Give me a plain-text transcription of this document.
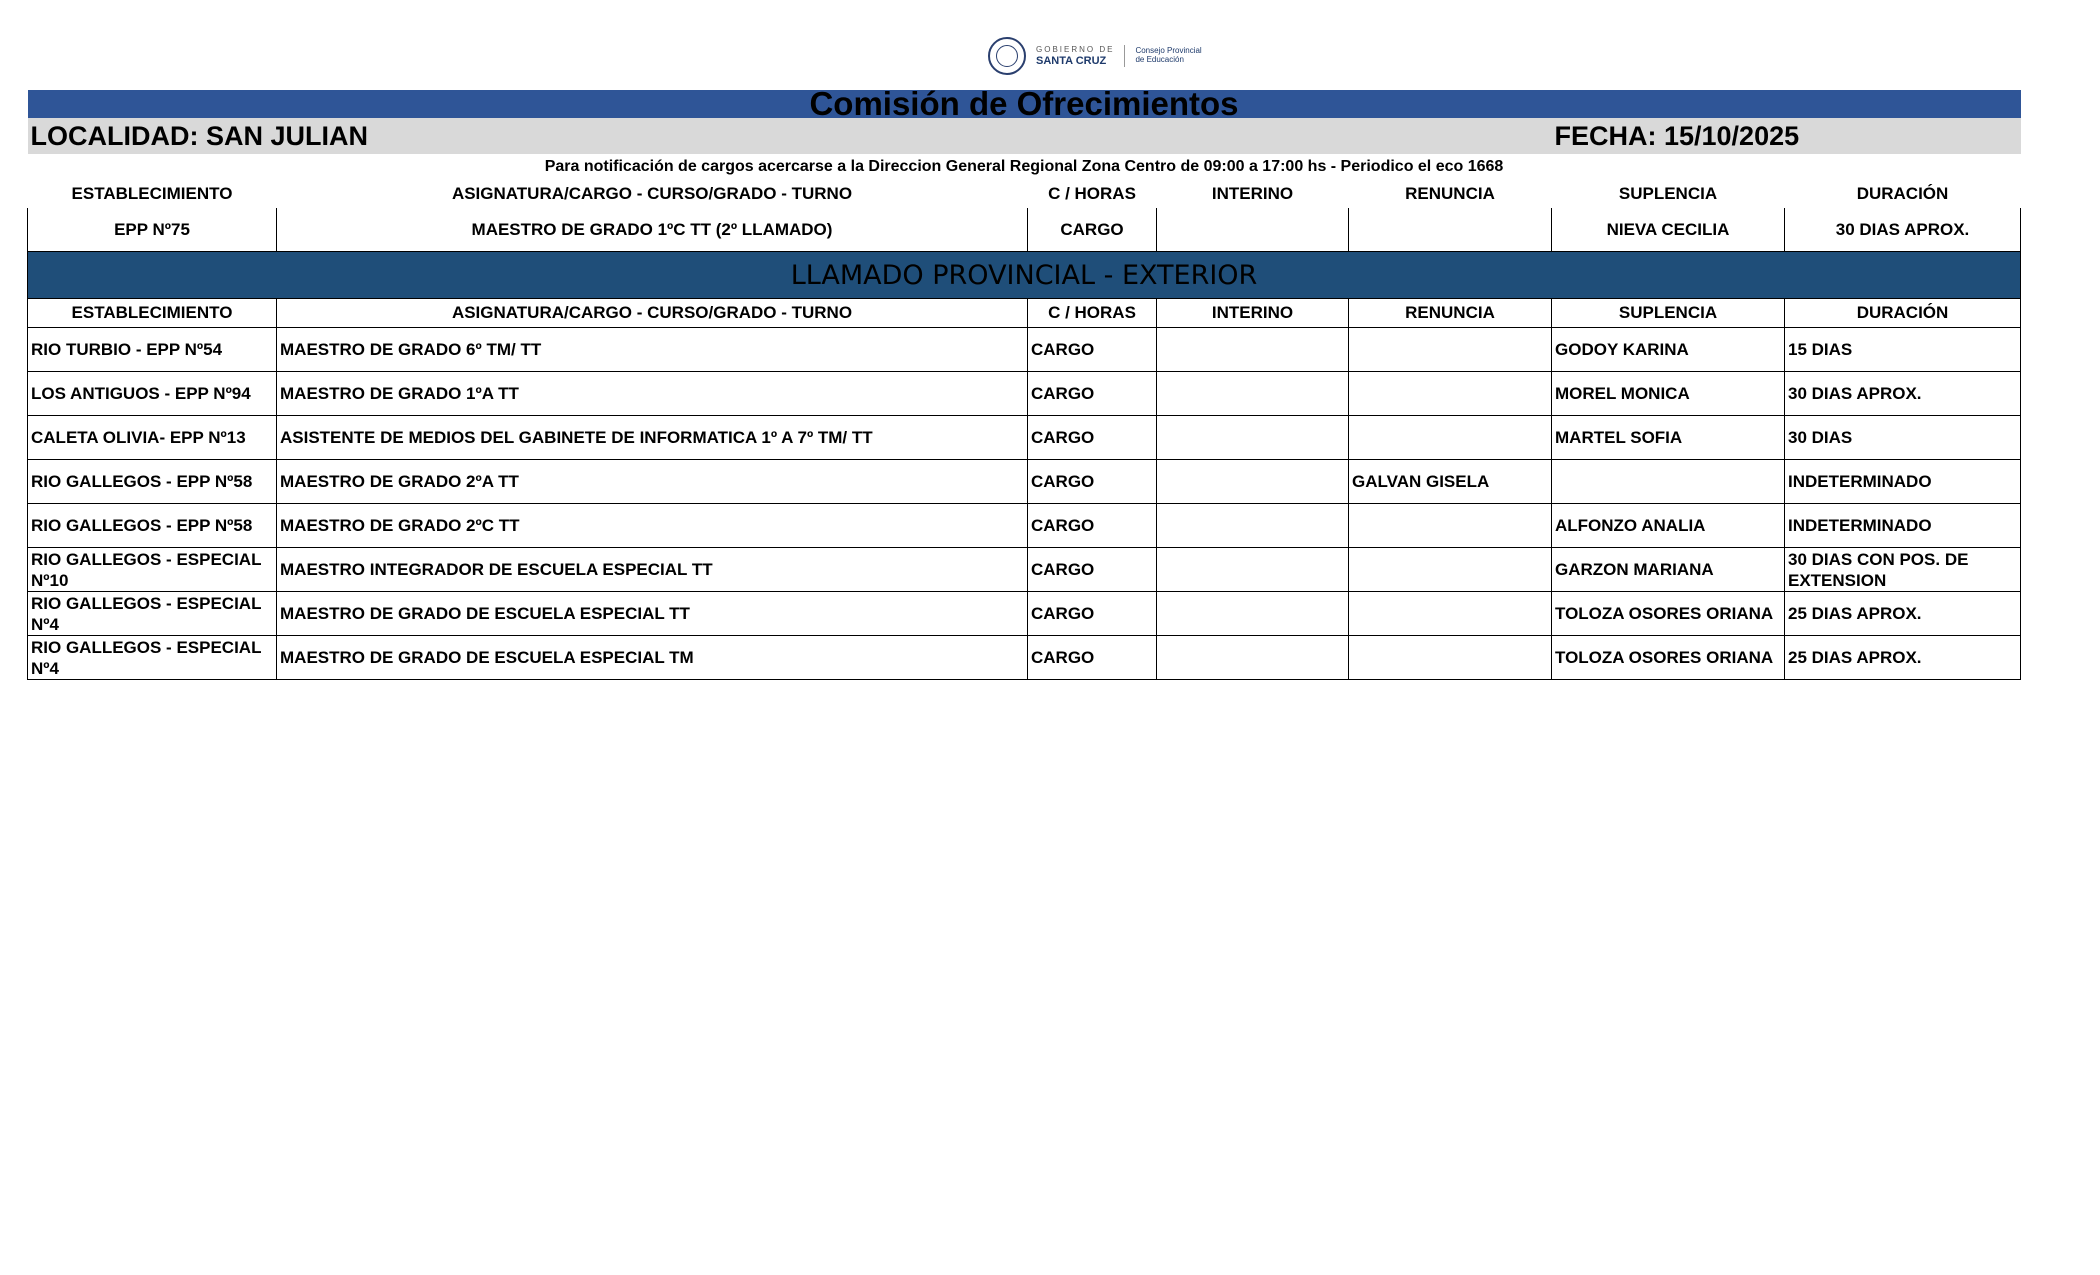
GOBIERNO DE
SANTA CRUZ
Consejo Provincial
de Educación
Comisión de Ofrecimientos						
LOCALIDAD: SAN JULIAN					FECHA: 15/10/2025	
Para notificación de cargos acercarse a la Direccion General Regional Zona Centro de 09:00 a 17:00 hs - Periodico el eco 1668						
ESTABLECIMIENTO	ASIGNATURA/CARGO - CURSO/GRADO - TURNO	C / HORAS	INTERINO	RENUNCIA	SUPLENCIA	DURACIÓN
EPP Nº75	MAESTRO DE GRADO 1ºC TT (2º LLAMADO)	CARGO			NIEVA CECILIA	30 DIAS APROX.
LLAMADO PROVINCIAL - EXTERIOR						
ESTABLECIMIENTO	ASIGNATURA/CARGO - CURSO/GRADO - TURNO	C / HORAS	INTERINO	RENUNCIA	SUPLENCIA	DURACIÓN
RIO TURBIO - EPP Nº54	MAESTRO DE GRADO 6º TM/ TT	CARGO			GODOY KARINA	15 DIAS
LOS ANTIGUOS - EPP Nº94	MAESTRO DE GRADO 1ºA TT	CARGO			MOREL MONICA	30 DIAS APROX.
CALETA OLIVIA- EPP Nº13	ASISTENTE DE MEDIOS DEL GABINETE DE INFORMATICA 1º A 7º TM/ TT	CARGO			MARTEL SOFIA	30 DIAS
RIO GALLEGOS - EPP Nº58	MAESTRO DE GRADO 2ºA TT	CARGO		GALVAN GISELA		INDETERMINADO
RIO GALLEGOS - EPP Nº58	MAESTRO DE GRADO 2ºC TT	CARGO			ALFONZO ANALIA	INDETERMINADO
RIO GALLEGOS - ESPECIAL Nº10	MAESTRO INTEGRADOR DE ESCUELA ESPECIAL TT	CARGO			GARZON MARIANA	30 DIAS CON POS. DE EXTENSION
RIO GALLEGOS - ESPECIAL Nº4	MAESTRO DE GRADO DE ESCUELA ESPECIAL TT	CARGO			TOLOZA OSORES ORIANA	25 DIAS APROX.
RIO GALLEGOS - ESPECIAL Nº4	MAESTRO DE GRADO DE ESCUELA ESPECIAL TM	CARGO			TOLOZA OSORES ORIANA	25 DIAS APROX.
